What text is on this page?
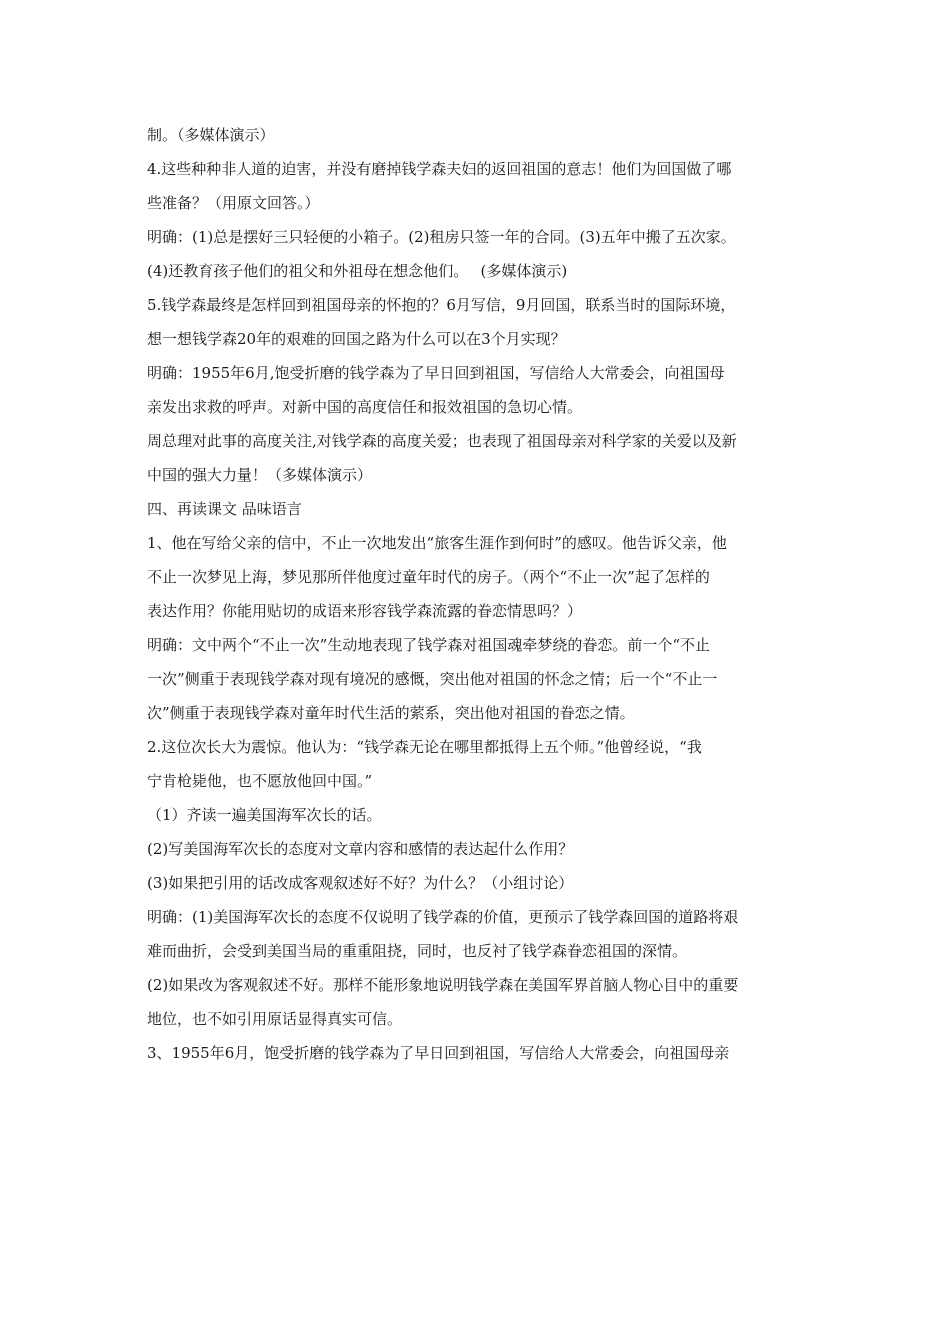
制。（多媒体演示）
4.这些种种非人道的迫害，并没有磨掉钱学森夫妇的返回祖国的意志！他们为回国做了哪
些准备？（用原文回答。）
明确：(1)总是摆好三只轻便的小箱子。(2)租房只签一年的合同。(3)五年中搬了五次家。
(4)还教育孩子他们的祖父和外祖母在想念他们。　 (多媒体演示)
5.钱学森最终是怎样回到祖国母亲的怀抱的？6月写信，9月回国，联系当时的国际环境，
想一想钱学森20年的艰难的回国之路为什么可以在3个月实现？
明确：1955年6月,饱受折磨的钱学森为了早日回到祖国，写信给人大常委会，向祖国母
亲发出求救的呼声。对新中国的高度信任和报效祖国的急切心情。
周总理对此事的高度关注,对钱学森的高度关爱；也表现了祖国母亲对科学家的关爱以及新
中国的强大力量！（多媒体演示）
四、再读课文 品味语言
1、他在写给父亲的信中，不止一次地发出“旅客生涯作到何时”的感叹。他告诉父亲，他
不止一次梦见上海，梦见那所伴他度过童年时代的房子。（两个“不止一次”起了怎样的
表达作用？你能用贴切的成语来形容钱学森流露的眷恋情思吗？）
明确：文中两个“不止一次”生动地表现了钱学森对祖国魂牵梦绕的眷恋。前一个“不止
一次”侧重于表现钱学森对现有境况的感慨，突出他对祖国的怀念之情；后一个“不止一
次”侧重于表现钱学森对童年时代生活的萦系，突出他对祖国的眷恋之情。
2.这位次长大为震惊。他认为：“钱学森无论在哪里都抵得上五个师。”他曾经说，“我
宁肯枪毙他，也不愿放他回中国。”
（1）齐读一遍美国海军次长的话。
(2)写美国海军次长的态度对文章内容和感情的表达起什么作用？
(3)如果把引用的话改成客观叙述好不好？为什么？（小组讨论）
明确：(1)美国海军次长的态度不仅说明了钱学森的价值，更预示了钱学森回国的道路将艰
难而曲折，会受到美国当局的重重阻挠，同时，也反衬了钱学森眷恋祖国的深情。
(2)如果改为客观叙述不好。那样不能形象地说明钱学森在美国军界首脑人物心目中的重要
地位，也不如引用原话显得真实可信。
3、1955年6月，饱受折磨的钱学森为了早日回到祖国，写信给人大常委会，向祖国母亲
